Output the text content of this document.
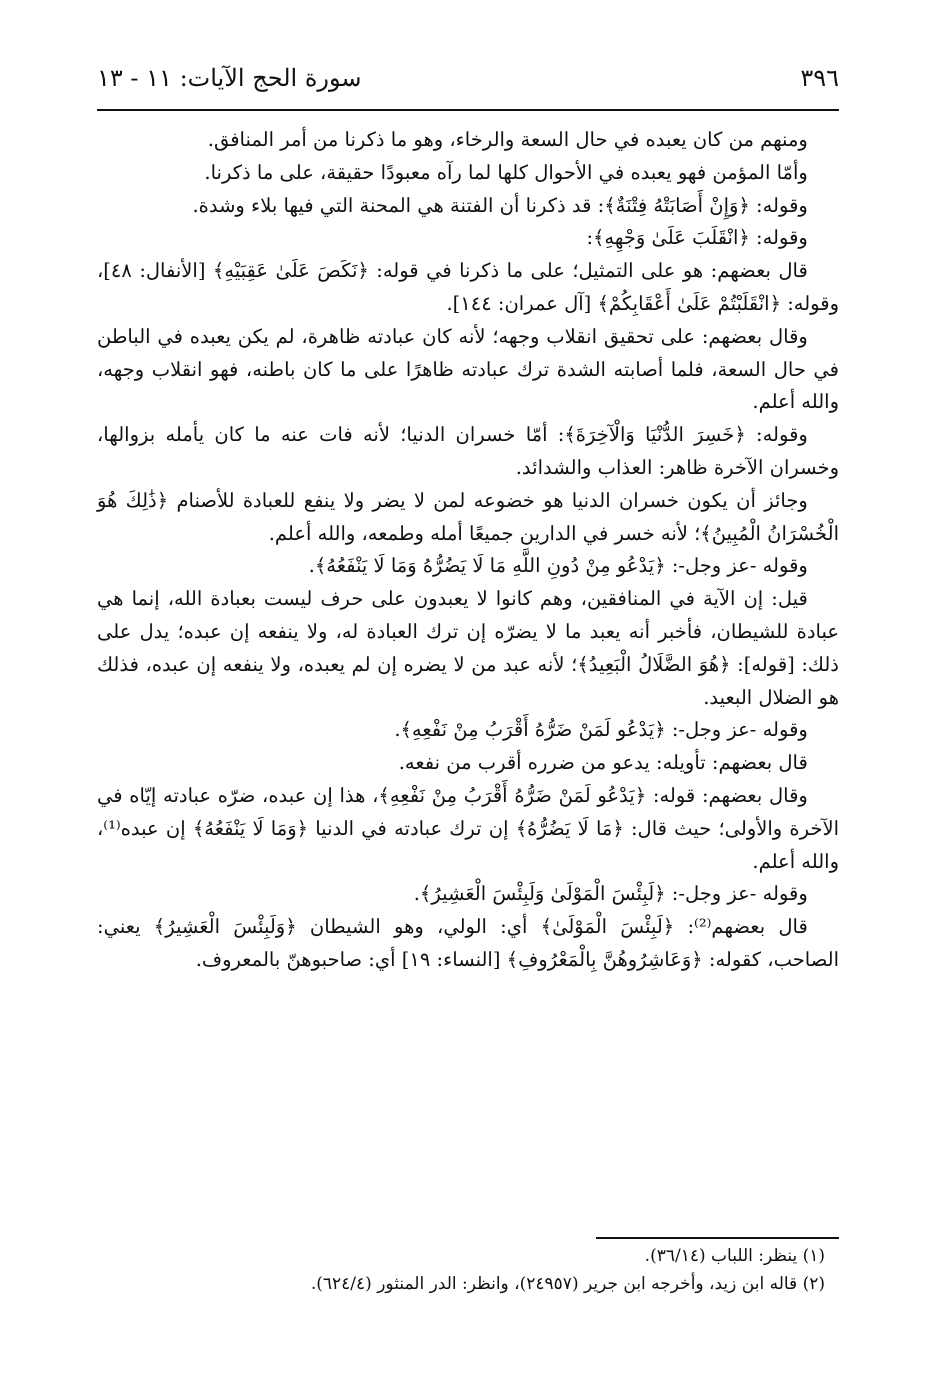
٣٩٦
سورة الحج الآيات: ١١ - ١٣

ومنهم من كان يعبده في حال السعة والرخاء، وهو ما ذكرنا من أمر المنافق.

وأمّا المؤمن فهو يعبده في الأحوال كلها لما رآه معبودًا حقيقة، على ما ذكرنا.

وقوله: ﴿وَإِنْ أَصَابَتْهُ فِتْنَةٌ﴾: قد ذكرنا أن الفتنة هي المحنة التي فيها بلاء وشدة.

وقوله: ﴿انْقَلَبَ عَلَىٰ وَجْهِهِ﴾:

قال بعضهم: هو على التمثيل؛ على ما ذكرنا في قوله: ﴿نَكَصَ عَلَىٰ عَقِبَيْهِ﴾ [الأنفال: ٤٨]، وقوله: ﴿انْقَلَبْتُمْ عَلَىٰ أَعْقَابِكُمْ﴾ [آل عمران: ١٤٤].

وقال بعضهم: على تحقيق انقلاب وجهه؛ لأنه كان عبادته ظاهرة، لم يكن يعبده في الباطن في حال السعة، فلما أصابته الشدة ترك عبادته ظاهرًا على ما كان باطنه، فهو انقلاب وجهه، والله أعلم.

وقوله: ﴿خَسِرَ الدُّنْيَا وَالْآخِرَةَ﴾: أمّا خسران الدنيا؛ لأنه فات عنه ما كان يأمله بزوالها، وخسران الآخرة ظاهر: العذاب والشدائد.

وجائز أن يكون خسران الدنيا هو خضوعه لمن لا يضر ولا ينفع للعبادة للأصنام ﴿ذَٰلِكَ هُوَ الْخُسْرَانُ الْمُبِينُ﴾؛ لأنه خسر في الدارين جميعًا أمله وطمعه، والله أعلم.

وقوله -عز وجل-: ﴿يَدْعُو مِنْ دُونِ اللَّهِ مَا لَا يَضُرُّهُ وَمَا لَا يَنْفَعُهُ﴾.

قيل: إن الآية في المنافقين، وهم كانوا لا يعبدون على حرف ليست بعبادة الله، إنما هي عبادة للشيطان، فأخبر أنه يعبد ما لا يضرّه إن ترك العبادة له، ولا ينفعه إن عبده؛ يدل على ذلك: [قوله]: ﴿هُوَ الضَّلَالُ الْبَعِيدُ﴾؛ لأنه عبد من لا يضره إن لم يعبده، ولا ينفعه إن عبده، فذلك هو الضلال البعيد.

وقوله -عز وجل-: ﴿يَدْعُو لَمَنْ ضَرُّهُ أَقْرَبُ مِنْ نَفْعِهِ﴾.

قال بعضهم: تأويله: يدعو من ضرره أقرب من نفعه.

وقال بعضهم: قوله: ﴿يَدْعُو لَمَنْ ضَرُّهُ أَقْرَبُ مِنْ نَفْعِهِ﴾، هذا إن عبده، ضرّه عبادته إيّاه في الآخرة والأولى؛ حيث قال: ﴿مَا لَا يَضُرُّهُ﴾ إن ترك عبادته في الدنيا ﴿وَمَا لَا يَنْفَعُهُ﴾ إن عبده⁽¹⁾، والله أعلم.

وقوله -عز وجل-: ﴿لَبِئْسَ الْمَوْلَىٰ وَلَبِئْسَ الْعَشِيرُ﴾.

قال بعضهم⁽²⁾: ﴿لَبِئْسَ الْمَوْلَىٰ﴾ أي: الولي، وهو الشيطان ﴿وَلَبِئْسَ الْعَشِيرُ﴾ يعني: الصاحب، كقوله: ﴿وَعَاشِرُوهُنَّ بِالْمَعْرُوفِ﴾ [النساء: ١٩] أي: صاحبوهنّ بالمعروف.

(١) ينظر: اللباب (٣٦/١٤).

(٢) قاله ابن زيد، وأخرجه ابن جرير (٢٤٩٥٧)، وانظر: الدر المنثور (٦٢٤/٤).
